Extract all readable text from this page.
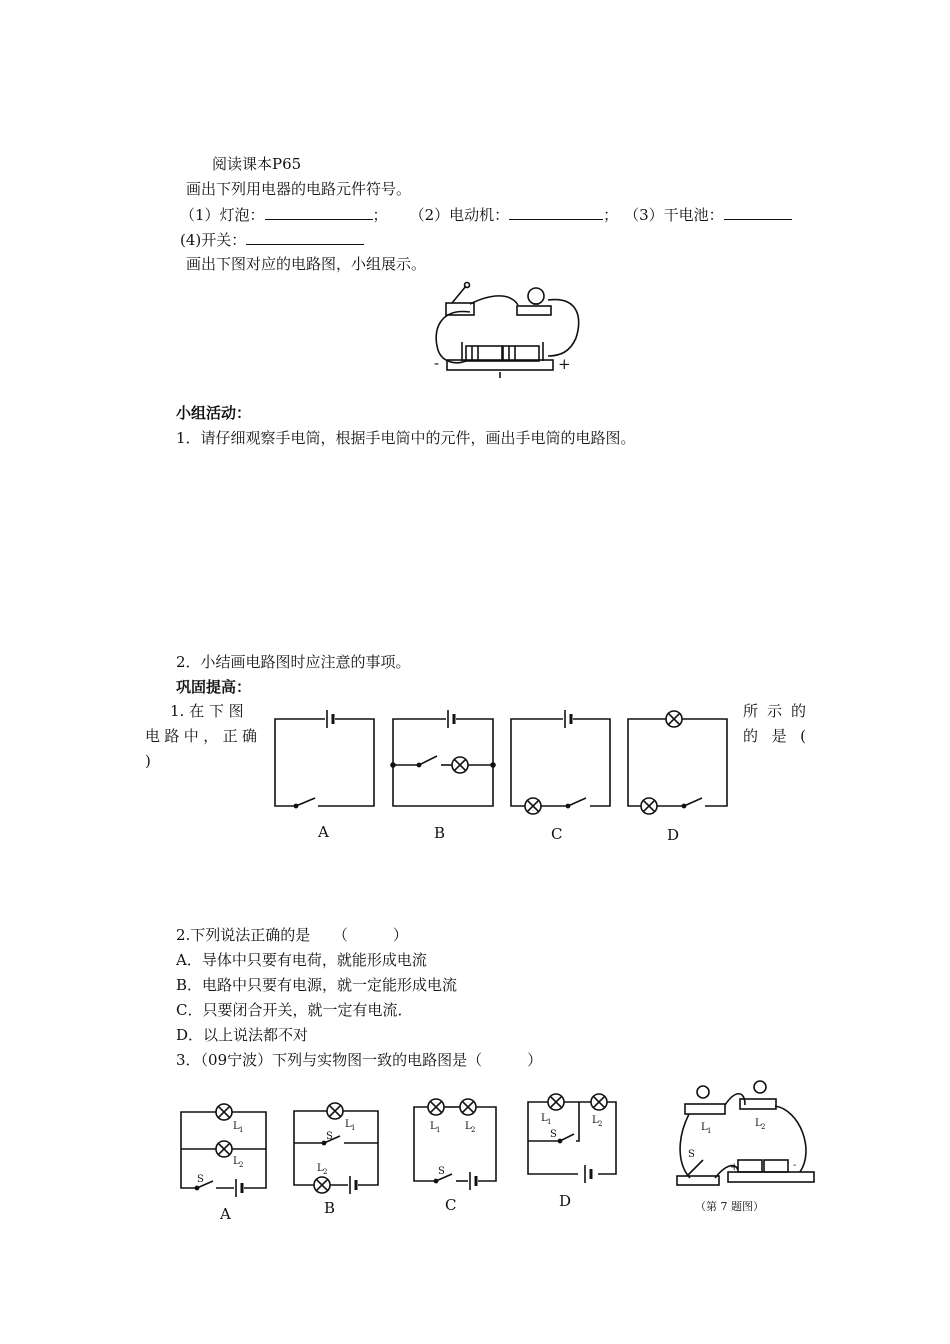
阅读课本P65
画出下列用电器的电路元件符号。
（1）灯泡：	； （2）电动机：	； （3）干电池：
(4)开关：
画出下图对应的电路图，小组展示。
小组活动：
1．请仔细观察手电筒，根据手电筒中的元件，画出手电筒的电路图。
2．小结画电路图时应注意的事项。
巩固提高：
1. 在 下 图
电路中，正确
)
所 示 的
的 是 (
2.下列说法正确的是　　（　　　）
A．导体中只要有电荷，就能形成电流
B．电路中只要有电源，就一定能形成电流
C．只要闭合开关，就一定有电流．
D．以上说法都不对
3．（09宁波）下列与实物图一致的电路图是（　　　）
-	+
A	B	C	D
L 1
L 2
S
A
L 1
S
L 2
B
L 1 L 2
S
C
L 1	L 2
S
D
L 1
L 2
S
+	-
（第 7 题图）
